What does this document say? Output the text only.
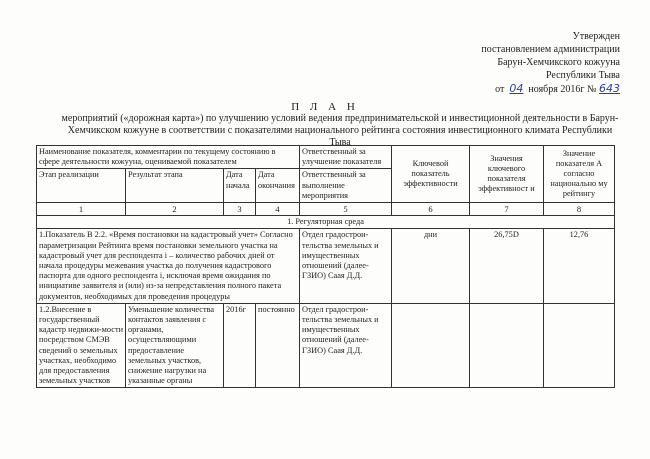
Утвержден
постановлением администрации
Барун-Хемчикского кожууна
Республики Тыва
от 04 ноября 2016г № 643
П Л А Н
мероприятий («дорожная карта») по улучшению условий ведения предпринимательской и инвестиционной деятельности в Барун-Хемчикском кожууне в соответствии с показателями национального рейтинга состояния инвестиционного климата Республики Тыва
Наименование показателя, комментарии по текущему состоянию в сфере деятельности кожууна, оцениваемой показателем				Ответственный за улучшение показателя	Ключевой показатель эффективности	Значения ключевого показателя эффективност и	Значение показателя А согласно национально му рейтингу
Этап реализации	Результат этапа	Дата начала	Дата окончания	Ответственный за выполнение мероприятия			
1	2	3	4	5	6	7	8
1. Регуляторная среда							
1.Показатель В 2.2. «Время постановки на кадастровый учет» Согласно параметризации Рейтинга время постановки земельного участка на кадастровый учет для респондента i – количество рабочих дней от начала процедуры межевания участка до получения кадастрового паспорта для одного респондента i, исключая время ожидания по инициативе заявителя и (или) из-за непредставления полного пакета документов, необходимых для проведения процедуры				Отдел градострои-тельства земельных и имущественных отношений (далее- ГЗИО) Саая Д.Д.	дни	26,75D	12,76
1.2.Внесение в государственный кадастр недвижи-мости посредством СМЭВ сведений о земельных участках, необходимо для предоставления земельных участков	Уменьшение количества контактов заявления с органами, осуществляющими предоставление земельных участков, снижение нагрузки на указанные органы	2016г	постоянно	Отдел градострои-тельства земельных и имущественных отношений (далее- ГЗИО) Саая Д.Д.			
